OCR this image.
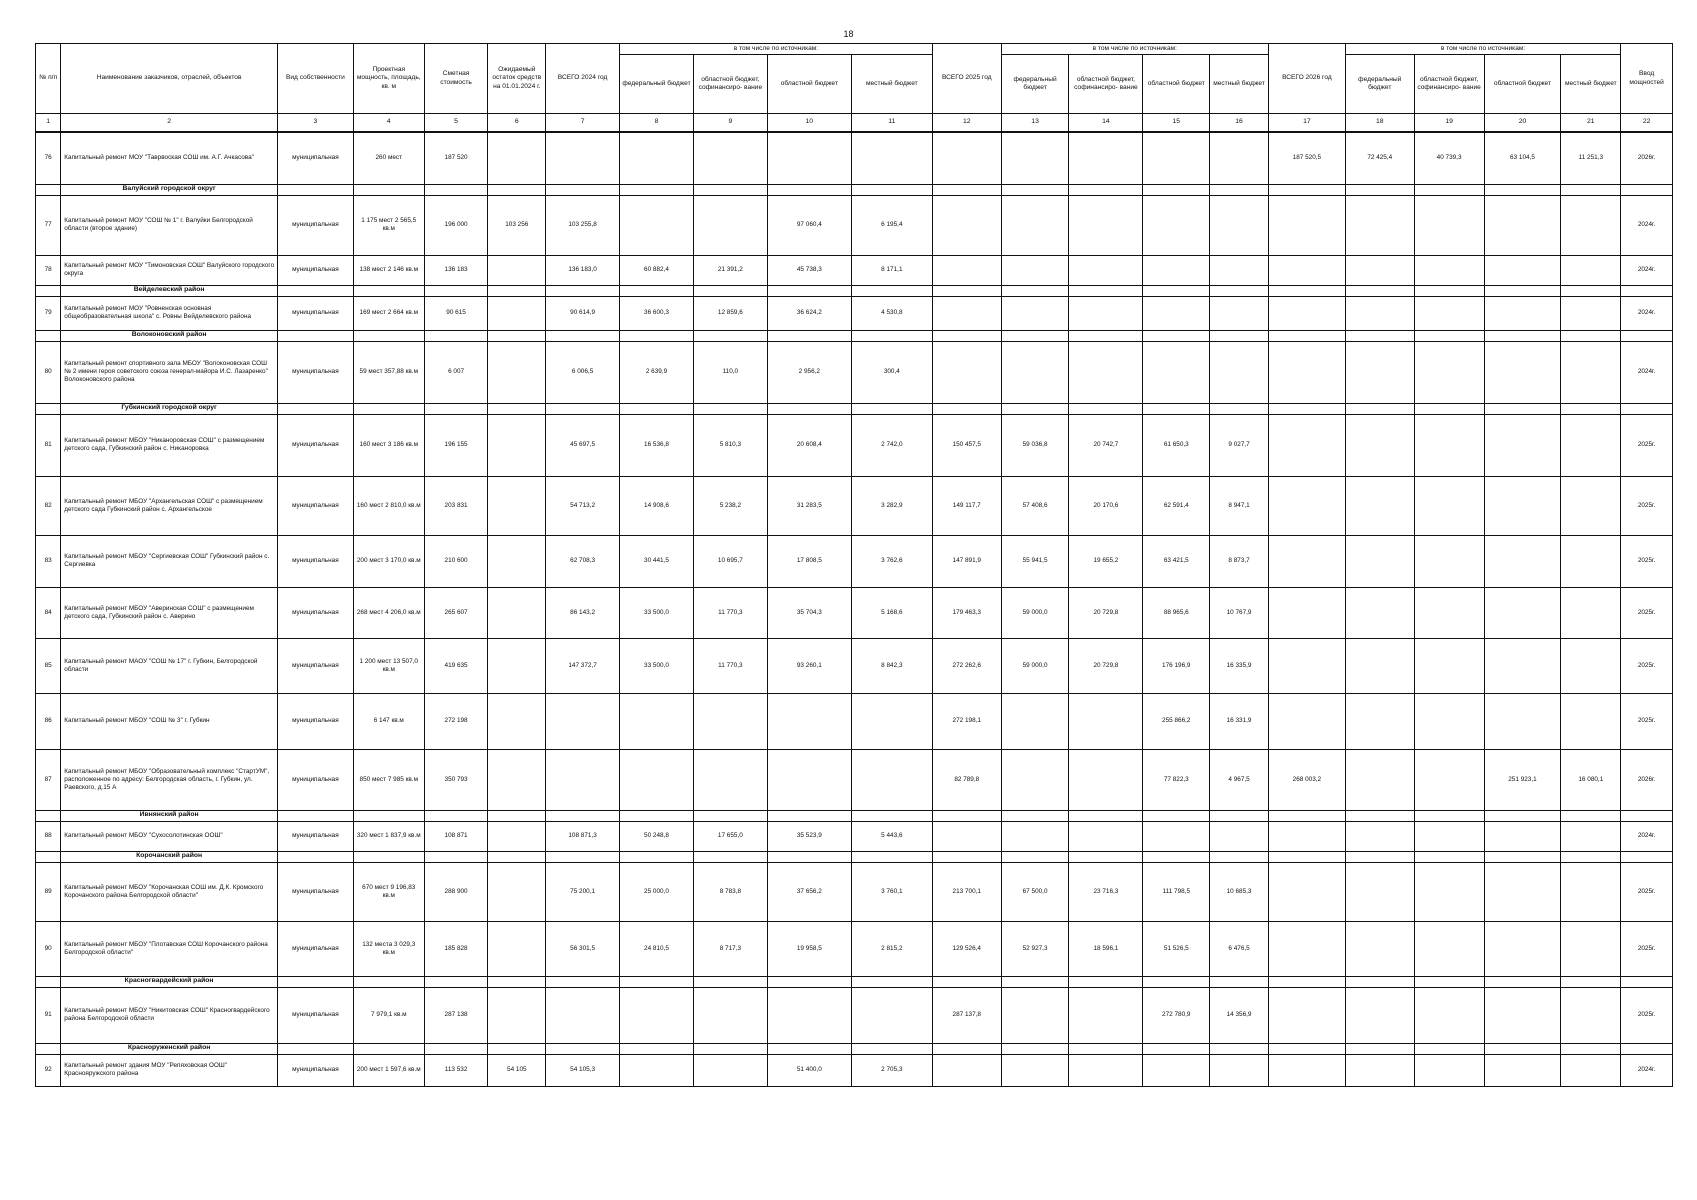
18
№ п/п	Наименование заказчиков, отраслей, объектов	Вид собственности	Проектная мощность, площадь, кв. м	Сметная стоимость	Ожидаемый остаток средств на 01.01.2024 г.	ВСЕГО 2024 год	в том числе по источникам:				ВСЕГО 2025 год	в том числе по источникам:				ВСЕГО 2026 год	в том числе по источникам:				Ввод мощностей
							федеральный бюджет	областной бюджет, софинансиро- вание	областной бюджет	местный бюджет		федеральный бюджет	областной бюджет, софинансиро- вание	областной бюджет	местный бюджет		федеральный бюджет	областной бюджет, софинансиро- вание	областной бюджет	местный бюджет	
1	2	3	4	5	6	7	8	9	10	11	12	13	14	15	16	17	18	19	20	21	22
76	Капитальный ремонт МОУ "Таврвоская СОШ им. А.Г. Ачкасова"	муниципальная	260 мест	187 520												187 520,5	72 425,4	40 739,3	63 104,5	11 251,3	2026г.
	Валуйский городской округ																				
77	Капитальный ремонт МОУ "СОШ № 1" г. Валуйки Белгородской области (второе здание)	муниципальная	1 175 мест 2 565,5 кв.м	196 000	103 256	103 255,8			97 060,4	6 195,4											2024г.
78	Капитальный ремонт МОУ "Тимоновская СОШ" Валуйского городского округа	муниципальная	138 мест 2 146 кв.м	136 183		136 183,0	60 882,4	21 391,2	45 738,3	8 171,1											2024г.
	Вейделевский район																				
79	Капитальный ремонт МОУ "Ровненская основная общеобразовательная школа" с. Ровны Вейделевского района	муниципальная	169 мест 2 664 кв.м	90 615		90 614,9	36 600,3	12 859,6	36 624,2	4 530,8											2024г.
	Волоконовский район																				
80	Капитальный ремонт спортивного зала МБОУ "Волоконовская СОШ № 2 имени героя советского союза генерал-майора И.С. Лазаренко" Волоконовского района	муниципальная	59 мест 357,88 кв.м	6 007		6 006,5	2 639,9	110,0	2 956,2	300,4											2024г.
	Губкинский городской округ																				
81	Капитальный ремонт МБОУ "Никаноровская СОШ" с размещением детского сада, Губкинский район с. Никаноровка	муниципальная	160 мест 3 186 кв.м	196 155		45 697,5	16 536,8	5 810,3	20 608,4	2 742,0	150 457,5	59 036,8	20 742,7	61 650,3	9 027,7						2025г.
82	Капитальный ремонт МБОУ "Архангельская СОШ" с размещением детского сада Губкинский район с. Архангельское	муниципальная	160 мест 2 810,0 кв.м	203 831		54 713,2	14 908,6	5 238,2	31 283,5	3 282,9	149 117,7	57 408,6	20 170,6	62 591,4	8 947,1						2025г.
83	Капитальный ремонт МБОУ "Сергиевская СОШ" Губкинский район с. Сергиевка	муниципальная	200 мест 3 170,0 кв.м	210 600		62 708,3	30 441,5	10 695,7	17 808,5	3 762,6	147 891,9	55 941,5	19 655,2	63 421,5	8 873,7						2025г.
84	Капитальный ремонт МБОУ "Авеpинская СОШ" с размещением детского сада, Губкинский район с. Аверино	муниципальная	268 мест 4 206,0 кв.м	265 607		86 143,2	33 500,0	11 770,3	35 704,3	5 168,6	179 463,3	59 000,0	20 729,8	88 965,6	10 767,9						2025г.
85	Капитальный ремонт МАОУ "СОШ № 17" г. Губкин, Белгородской области	муниципальная	1 200 мест 13 507,0 кв.м	419 635		147 372,7	33 500,0	11 770,3	93 260,1	8 842,3	272 262,6	59 000,0	20 729,8	176 196,9	16 335,9						2025г.
86	Капитальный ремонт МБОУ "СОШ № 3" г. Губкин	муниципальная	6 147 кв.м	272 198							272 198,1			255 866,2	16 331,9						2025г.
87	Капитальный ремонт МБОУ "Образовательный комплекс "СтартУМ", расположенное по адресу: Белгородская область, г. Губкин, ул. Раевского, д.15 А	муниципальная	850 мест 7 985 кв.м	350 793							82 789,8			77 822,3	4 967,5	268 003,2			251 923,1	16 080,1	2026г.
	Ивнянский район																				
88	Капитальный ремонт МБОУ "Сухосолотинская ООШ"	муниципальная	320 мест 1 837,9 кв.м	108 871		108 871,3	50 248,8	17 655,0	35 523,9	5 443,6											2024г.
	Корочанский район																				
89	Капитальный ремонт МБОУ "Корочанская СОШ им. Д.К. Кромского Корочанского района Белгородской области"	муниципальная	670 мест 9 196,83 кв.м	288 900		75 200,1	25 000,0	8 783,8	37 656,2	3 760,1	213 700,1	67 500,0	23 716,3	111 798,5	10 685,3						2025г.
90	Капитальный ремонт МБОУ "Плотавская СОШ Корочанского района Белгородской области"	муниципальная	132 места 3 029,3 кв.м	185 828		56 301,5	24 810,5	8 717,3	19 958,5	2 815,2	129 526,4	52 927,3	18 596,1	51 526,5	6 476,5						2025г.
	Красногвардейский район																				
91	Капитальный ремонт МБОУ "Никитовская СОШ" Красногвардейского района Белгородской области	муниципальная	7 979,1 кв.м	287 138							287 137,8			272 780,9	14 356,9						2025г.
	Красноруженский район																				
92	Капитальный ремонт здания МОУ "Репяховская ООШ" Краснояружского района	муниципальная	200 мест 1 597,6 кв.м	113 532	54 105	54 105,3			51 400,0	2 705,3											2024г.
